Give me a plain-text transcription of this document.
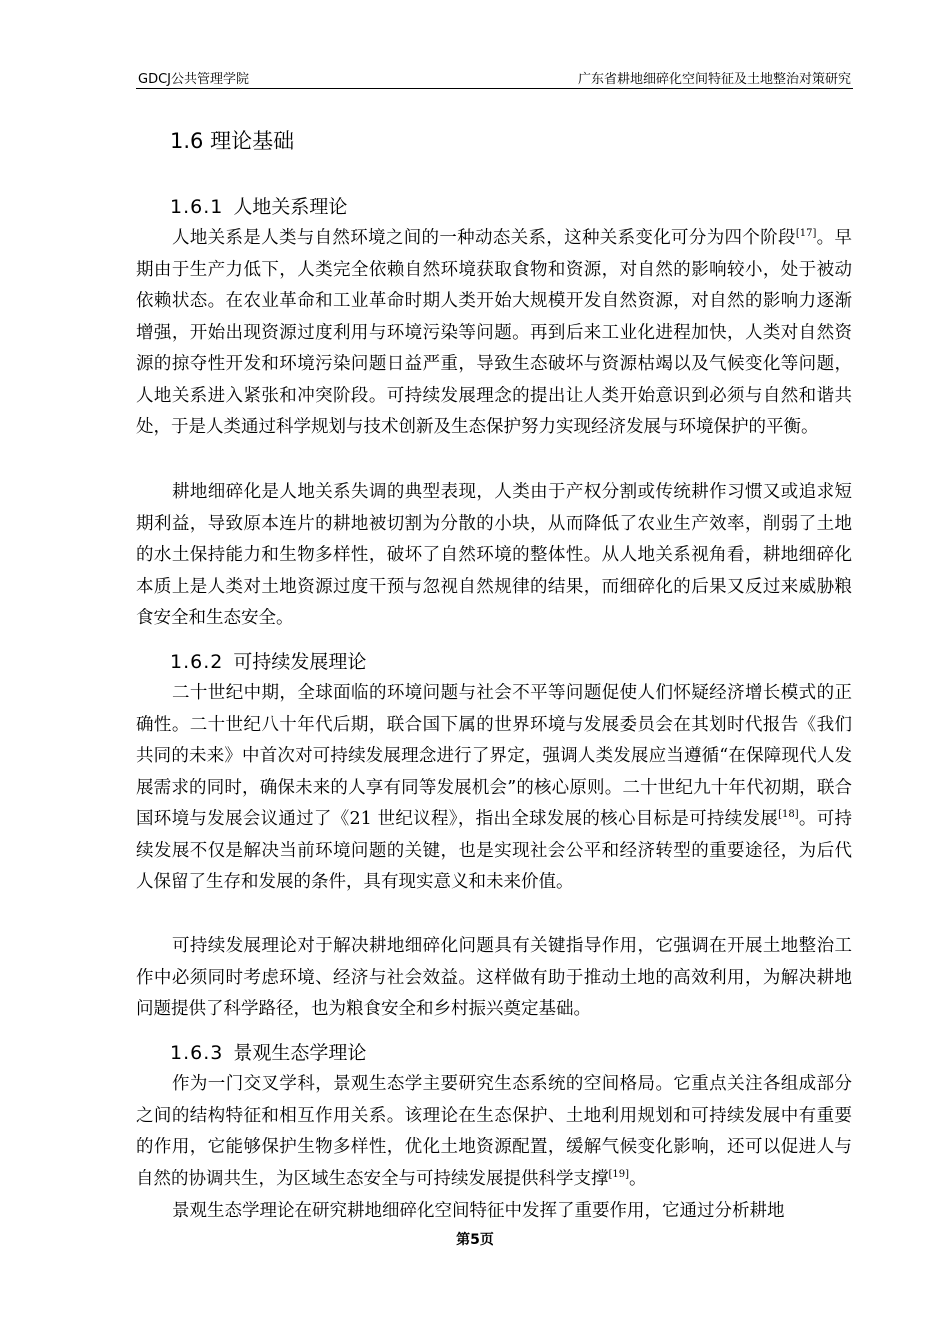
GDCJ公共管理学院	广东省耕地细碎化空间特征及土地整治对策研究
1.6 理论基础
1.6.1 人地关系理论

人地关系是人类与自然环境之间的一种动态关系，这种关系变化可分为四个阶段[17]。早期由于生产力低下，人类完全依赖自然环境获取食物和资源，对自然的影响较小，处于被动依赖状态。在农业革命和工业革命时期人类开始大规模开发自然资源，对自然的影响力逐渐增强，开始出现资源过度利用与环境污染等问题。再到后来工业化进程加快，人类对自然资源的掠夺性开发和环境污染问题日益严重，导致生态破坏与资源枯竭以及气候变化等问题，人地关系进入紧张和冲突阶段。可持续发展理念的提出让人类开始意识到必须与自然和谐共处，于是人类通过科学规划与技术创新及生态保护努力实现经济发展与环境保护的平衡。

耕地细碎化是人地关系失调的典型表现，人类由于产权分割或传统耕作习惯又或追求短期利益，导致原本连片的耕地被切割为分散的小块，从而降低了农业生产效率，削弱了土地的水土保持能力和生物多样性，破坏了自然环境的整体性。从人地关系视角看，耕地细碎化本质上是人类对土地资源过度干预与忽视自然规律的结果，而细碎化的后果又反过来威胁粮食安全和生态安全。

1.6.2 可持续发展理论

二十世纪中期，全球面临的环境问题与社会不平等问题促使人们怀疑经济增长模式的正确性。二十世纪八十年代后期，联合国下属的世界环境与发展委员会在其划时代报告《我们共同的未来》中首次对可持续发展理念进行了界定，强调人类发展应当遵循“在保障现代人发展需求的同时，确保未来的人享有同等发展机会”的核心原则。二十世纪九十年代初期，联合国环境与发展会议通过了《21 世纪议程》，指出全球发展的核心目标是可持续发展[18]。可持续发展不仅是解决当前环境问题的关键，也是实现社会公平和经济转型的重要途径，为后代人保留了生存和发展的条件，具有现实意义和未来价值。

可持续发展理论对于解决耕地细碎化问题具有关键指导作用，它强调在开展土地整治工作中必须同时考虑环境、经济与社会效益。这样做有助于推动土地的高效利用，为解决耕地问题提供了科学路径，也为粮食安全和乡村振兴奠定基础。

1.6.3 景观生态学理论

作为一门交叉学科，景观生态学主要研究生态系统的空间格局。它重点关注各组成部分之间的结构特征和相互作用关系。该理论在生态保护、土地利用规划和可持续发展中有重要的作用，它能够保护生物多样性，优化土地资源配置，缓解气候变化影响，还可以促进人与自然的协调共生，为区域生态安全与可持续发展提供科学支撑[19]。

景观生态学理论在研究耕地细碎化空间特征中发挥了重要作用，它通过分析耕地

第5页
